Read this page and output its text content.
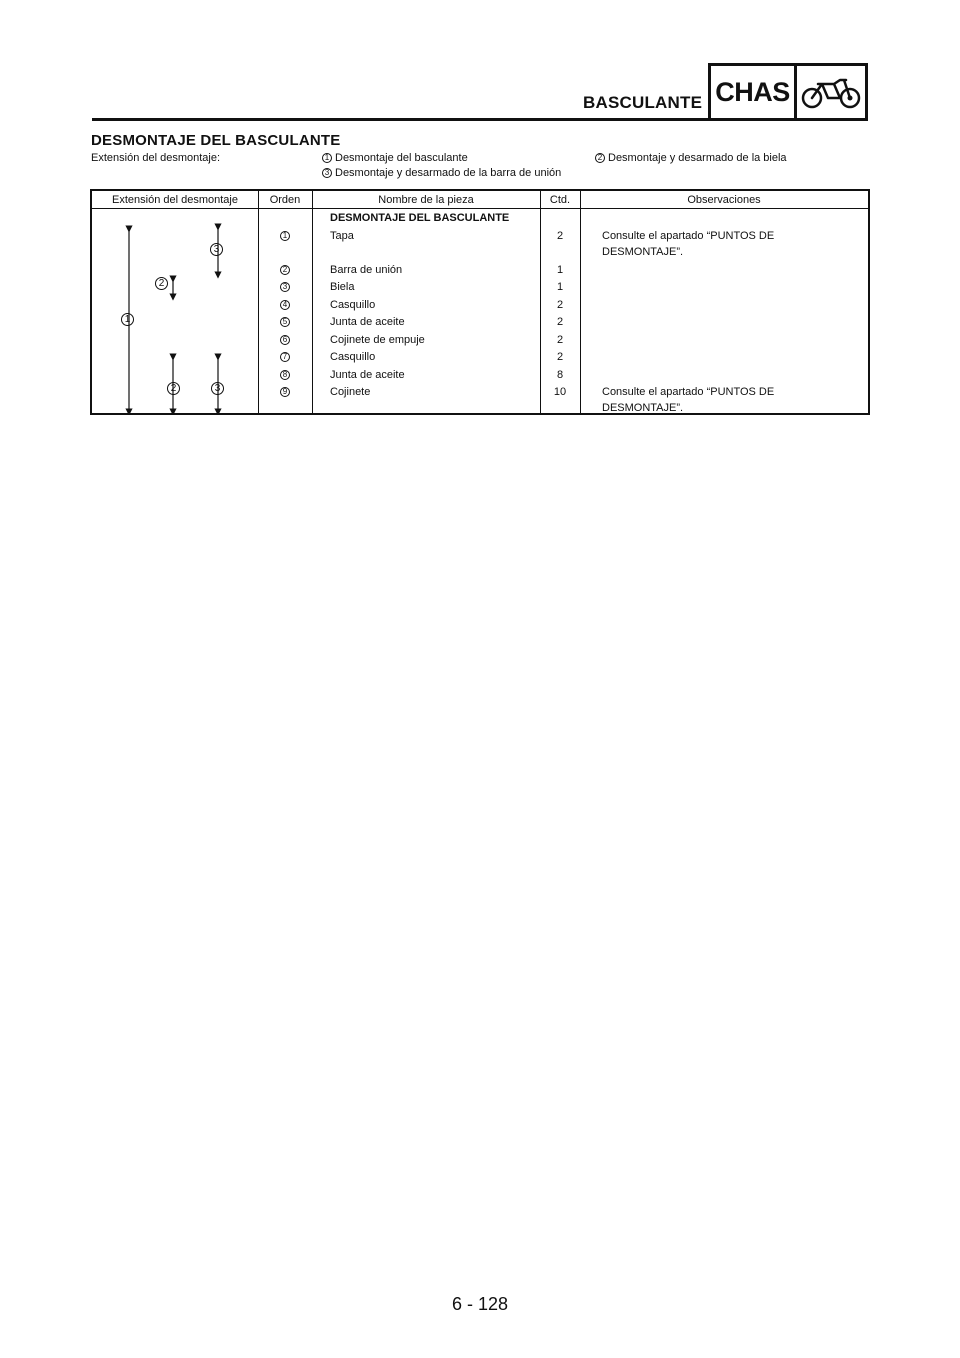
BASCULANTE CHAS
DESMONTAJE DEL BASCULANTE
Extensión del desmontaje:	1 Desmontaje del basculante	2 Desmontaje y desarmado de la biela
3 Desmontaje y desarmado de la barra de unión
Extensión del desmontaje	Orden	Nombre de la pieza	Ctd.	Observaciones
1
2
3
2	3
DESMONTAJE DEL BASCULANTE
1	Tapa	2	Consulte el apartado “PUNTOS DE DESMONTAJE”.
2	Barra de unión	1
3	Biela	1
4	Casquillo	2
5	Junta de aceite	2
6	Cojinete de empuje	2
7	Casquillo	2
8	Junta de aceite	8
9	Cojinete	10	Consulte el apartado “PUNTOS DE DESMONTAJE”.
6 - 128
